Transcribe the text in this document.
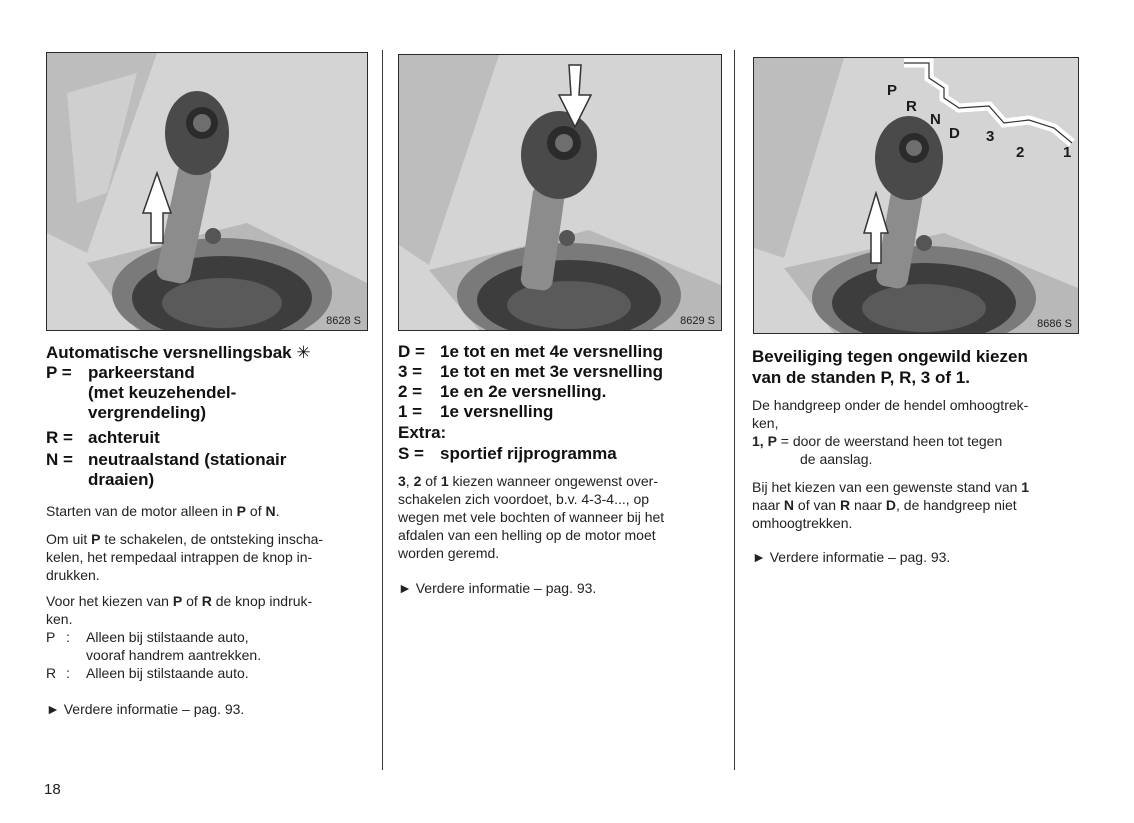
8628 S	8629 S
P
R
N
D 3
2	1
8686 S
Automatische versnellingsbak ✳
P = parkeerstand
(met keuzehendel-
vergrendeling)
R = achteruit
N = neutraalstand (stationair
draaien)
Starten van de motor alleen in P of N.
Om uit P te schakelen, de ontsteking inscha-
kelen, het rempedaal intrappen de knop in-
drukken.
Voor het kiezen van P of R de knop indruk-
ken.
P : Alleen bij stilstaande auto,
vooraf handrem aantrekken.
R : Alleen bij stilstaande auto.
► Verdere informatie – pag. 93.
D = 1e tot en met 4e versnelling
3 = 1e tot en met 3e versnelling
2 = 1e en 2e versnelling.
1 = 1e versnelling
Extra:
S = sportief rijprogramma
3, 2 of 1 kiezen wanneer ongewenst over-
schakelen zich voordoet, b.v. 4-3-4..., op
wegen met vele bochten of wanneer bij het
afdalen van een helling op de motor moet
worden geremd.
► Verdere informatie – pag. 93.
Beveiliging tegen ongewild kiezen
van de standen P, R, 3 of 1.
De handgreep onder de hendel omhoogtrek-
ken,
1, P = door de weerstand heen tot tegen
de aanslag.
Bij het kiezen van een gewenste stand van 1
naar N of van R naar D, de handgreep niet
omhoogtrekken.
► Verdere informatie – pag. 93.
18
